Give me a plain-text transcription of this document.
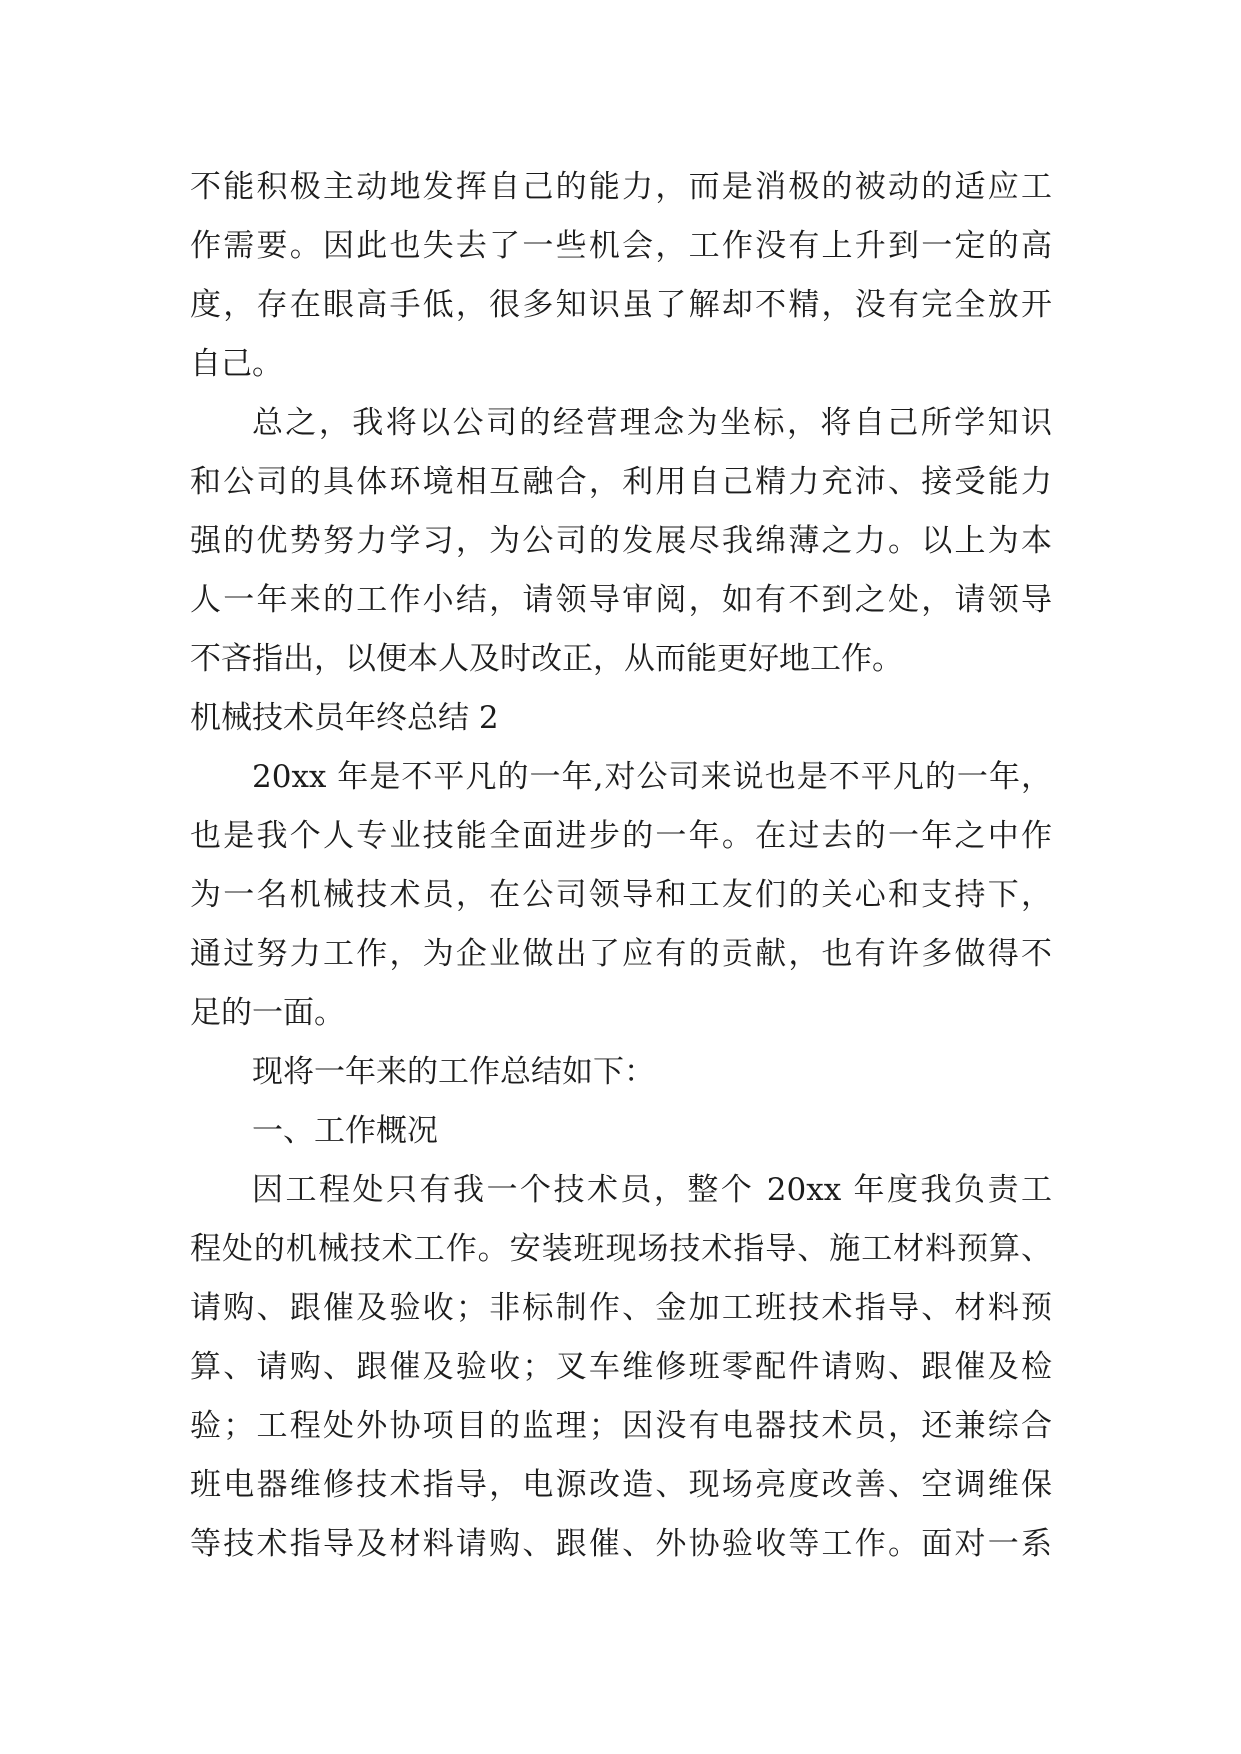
不能积极主动地发挥自己的能力，而是消极的被动的适应工
作需要。因此也失去了一些机会，工作没有上升到一定的高
度，存在眼高手低，很多知识虽了解却不精，没有完全放开
自己。
总之，我将以公司的经营理念为坐标，将自己所学知识
和公司的具体环境相互融合，利用自己精力充沛、接受能力
强的优势努力学习，为公司的发展尽我绵薄之力。以上为本
人一年来的工作小结，请领导审阅，如有不到之处，请领导
不吝指出，以便本人及时改正，从而能更好地工作。
机械技术员年终总结 2
20xx 年是不平凡的一年,对公司来说也是不平凡的一年，
也是我个人专业技能全面进步的一年。在过去的一年之中作
为一名机械技术员，在公司领导和工友们的关心和支持下，
通过努力工作，为企业做出了应有的贡献，也有许多做得不
足的一面。
现将一年来的工作总结如下：
一、工作概况
因工程处只有我一个技术员，整个 20xx 年度我负责工
程处的机械技术工作。安装班现场技术指导、施工材料预算、
请购、跟催及验收；非标制作、金加工班技术指导、材料预
算、请购、跟催及验收；叉车维修班零配件请购、跟催及检
验；工程处外协项目的监理；因没有电器技术员，还兼综合
班电器维修技术指导，电源改造、现场亮度改善、空调维保
等技术指导及材料请购、跟催、外协验收等工作。面对一系
